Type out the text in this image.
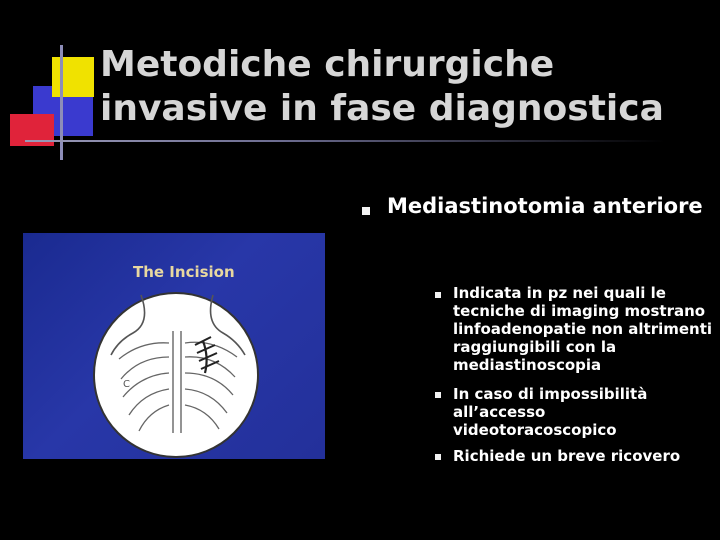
Metodiche chirurgiche
invasive in fase diagnostica
The Incision
C
Mediastinotomia anteriore
Indicata in pz nei quali le tecniche di imaging mostrano linfoadenopatie non altrimenti raggiungibili con la mediastinoscopia
In caso di impossibilità all’accesso videotoracoscopico
Richiede un breve ricovero
